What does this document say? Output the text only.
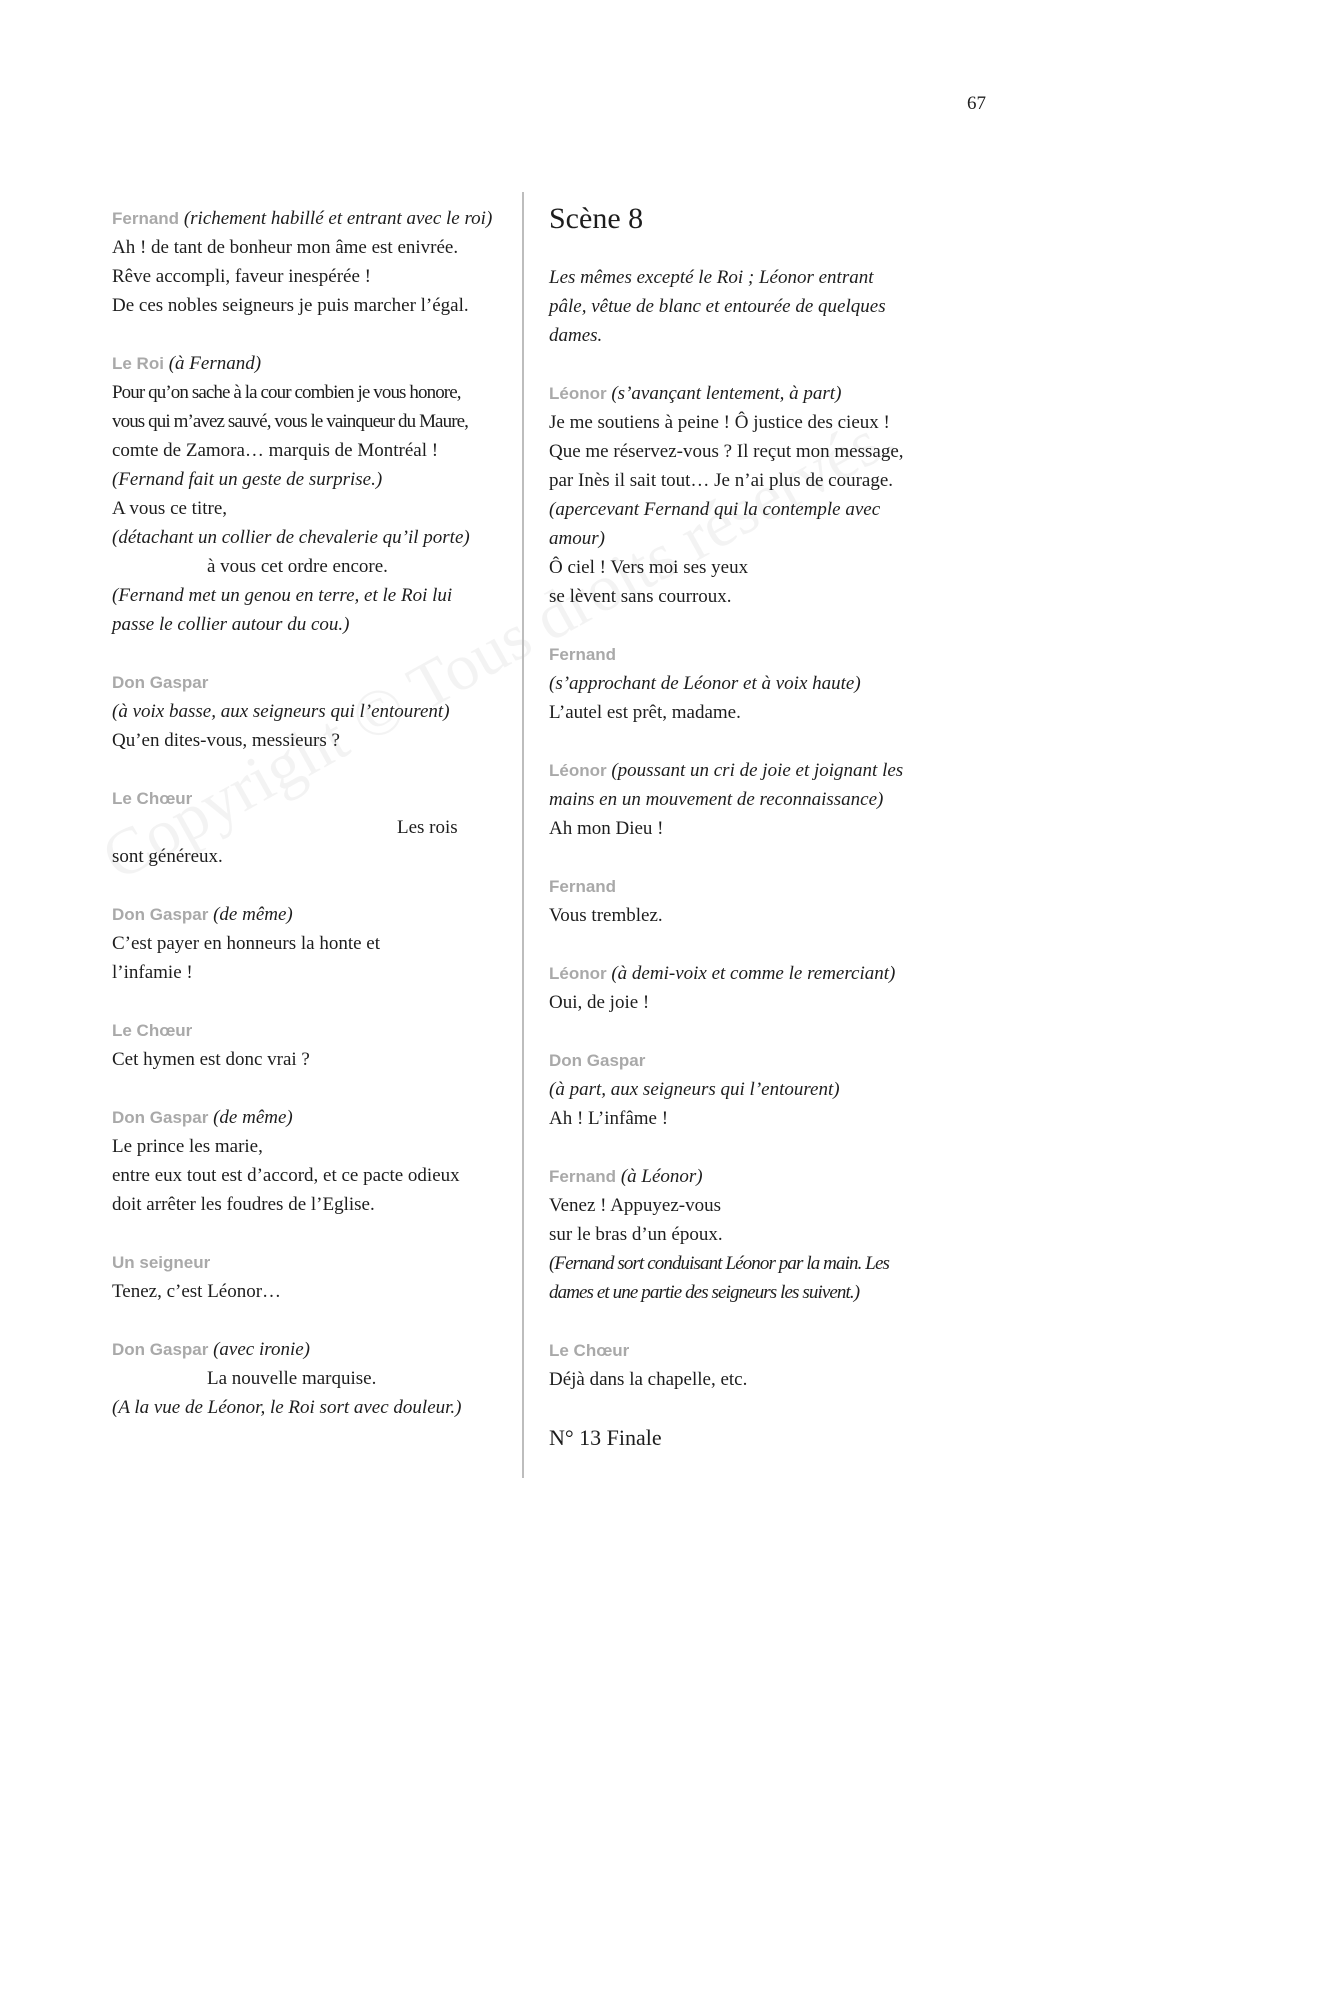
67
Fernand (richement habillé et entrant avec le roi)
Ah ! de tant de bonheur mon âme est enivrée.
Rêve accompli, faveur inespérée !
De ces nobles seigneurs je puis marcher l’égal.
Le Roi (à Fernand)
Pour qu’on sache à la cour combien je vous honore,
vous qui m’avez sauvé, vous le vainqueur du Maure,
comte de Zamora… marquis de Montréal !
(Fernand fait un geste de surprise.)
A vous ce titre,
(détachant un collier de chevalerie qu’il porte)
à vous cet ordre encore.
(Fernand met un genou en terre, et le Roi lui
passe le collier autour du cou.)
Don Gaspar
(à voix basse, aux seigneurs qui l’entourent)
Qu’en dites-vous, messieurs ?
Le Chœur
Les rois
sont généreux.
Don Gaspar (de même)
C’est payer en honneurs la honte et
l’infamie !
Le Chœur
Cet hymen est donc vrai ?
Don Gaspar (de même)
Le prince les marie,
entre eux tout est d’accord, et ce pacte odieux
doit arrêter les foudres de l’Eglise.
Un seigneur
Tenez, c’est Léonor…
Don Gaspar (avec ironie)
La nouvelle marquise.
(A la vue de Léonor, le Roi sort avec douleur.)
Scène 8
Les mêmes excepté le Roi ; Léonor entrant
pâle, vêtue de blanc et entourée de quelques
dames.
Léonor (s’avançant lentement, à part)
Je me soutiens à peine ! Ô justice des cieux !
Que me réservez-vous ? Il reçut mon message,
par Inès il sait tout… Je n’ai plus de courage.
(apercevant Fernand qui la contemple avec
amour)
Ô ciel ! Vers moi ses yeux
se lèvent sans courroux.
Fernand
(s’approchant de Léonor et à voix haute)
L’autel est prêt, madame.
Léonor (poussant un cri de joie et joignant les
mains en un mouvement de reconnaissance)
Ah mon Dieu !
Fernand
Vous tremblez.
Léonor (à demi-voix et comme le remerciant)
Oui, de joie !
Don Gaspar
(à part, aux seigneurs qui l’entourent)
Ah ! L’infâme !
Fernand (à Léonor)
Venez ! Appuyez-vous
sur le bras d’un époux.
(Fernand sort conduisant Léonor par la main. Les
dames et une partie des seigneurs les suivent.)
Le Chœur
Déjà dans la chapelle, etc.
N° 13 Finale
